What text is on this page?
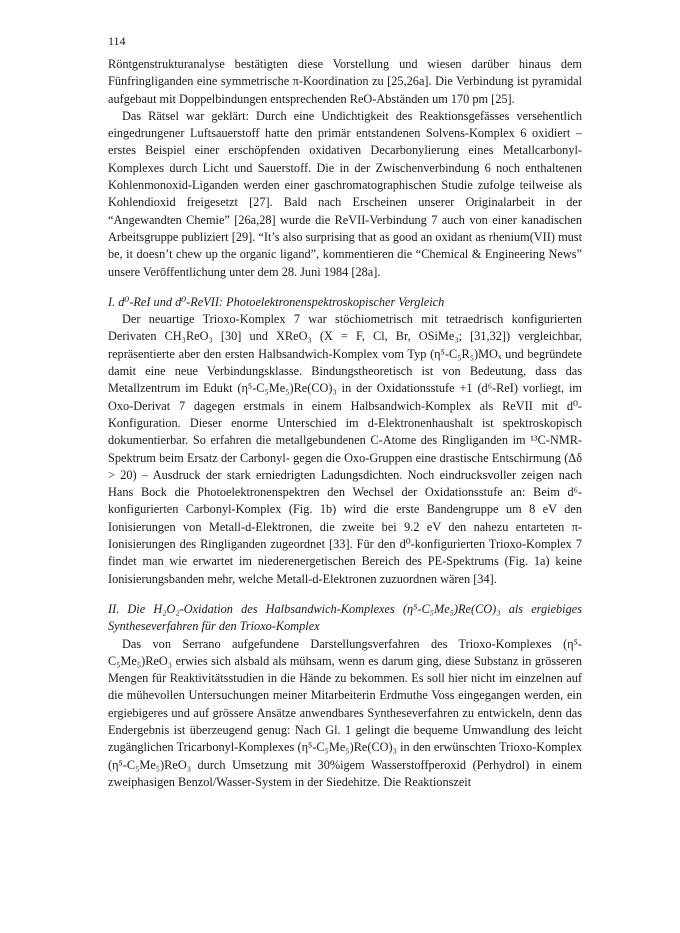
114

Röntgenstrukturanalyse bestätigten diese Vorstellung und wiesen darüber hinaus dem Fünfringliganden eine symmetrische π-Koordination zu [25,26a]. Die Verbindung ist pyramidal aufgebaut mit Doppelbindungen entsprechenden ReO-Abständen um 170 pm [25].

Das Rätsel war geklärt: Durch eine Undichtigkeit des Reaktionsgefässes versehentlich eingedrungener Luftsauerstoff hatte den primär entstandenen Solvens-Komplex 6 oxidiert – erstes Beispiel einer erschöpfenden oxidativen Decarbonylierung eines Metallcarbonyl-Komplexes durch Licht und Sauerstoff. Die in der Zwischenverbindung 6 noch enthaltenen Kohlenmonoxid-Liganden werden einer gaschromatographischen Studie zufolge teilweise als Kohlendioxid freigesetzt [27]. Bald nach Erscheinen unserer Originalarbeit in der “Angewandten Chemie” [26a,28] wurde die ReVII-Verbindung 7 auch von einer kanadischen Arbeitsgruppe publiziert [29]. “It’s also surprising that as good an oxidant as rhenium(VII) must be, it doesn’t chew up the organic ligand”, kommentieren die “Chemical & Engineering News” unsere Veröffentlichung unter dem 28. Juni 1984 [28a].

I. d⁰-ReI und d⁰-ReVII: Photoelektronenspektroskopischer Vergleich

Der neuartige Trioxo-Komplex 7 war stöchiometrisch mit tetraedrisch konfigurierten Derivaten CH₃ReO₃ [30] und XReO₃ (X = F, Cl, Br, OSiMe₃; [31,32]) vergleichbar, repräsentierte aber den ersten Halbsandwich-Komplex vom Typ (η⁵-C₅R₅)MOₓ und begründete damit eine neue Verbindungsklasse. Bindungstheoretisch ist von Bedeutung, dass das Metallzentrum im Edukt (η⁵-C₅Me₅)Re(CO)₃ in der Oxidationsstufe +1 (d⁶-ReI) vorliegt, im Oxo-Derivat 7 dagegen erstmals in einem Halbsandwich-Komplex als ReVII mit d⁰-Konfiguration. Dieser enorme Unterschied im d-Elektronenhaushalt ist spektroskopisch dokumentierbar. So erfahren die metallgebundenen C-Atome des Ringliganden im ¹³C-NMR-Spektrum beim Ersatz der Carbonyl- gegen die Oxo-Gruppen eine drastische Entschirmung (Δδ > 20) – Ausdruck der stark erniedrigten Ladungsdichten. Noch eindrucksvoller zeigen nach Hans Bock die Photoelektronenspektren den Wechsel der Oxidationsstufe an: Beim d⁶-konfigurierten Carbonyl-Komplex (Fig. 1b) wird die erste Bandengruppe um 8 eV den Ionisierungen von Metall-d-Elektronen, die zweite bei 9.2 eV den nahezu entarteten π-Ionisierungen des Ringliganden zugeordnet [33]. Für den d⁰-konfigurierten Trioxo-Komplex 7 findet man wie erwartet im niederenergetischen Bereich des PE-Spektrums (Fig. 1a) keine Ionisierungsbanden mehr, welche Metall-d-Elektronen zuzuordnen wären [34].

II. Die H₂O₂-Oxidation des Halbsandwich-Komplexes (η⁵-C₅Me₅)Re(CO)₃ als ergiebiges Syntheseverfahren für den Trioxo-Komplex

Das von Serrano aufgefundene Darstellungsverfahren des Trioxo-Komplexes (η⁵-C₅Me₅)ReO₃ erwies sich alsbald als mühsam, wenn es darum ging, diese Substanz in grösseren Mengen für Reaktivitätsstudien in die Hände zu bekommen. Es soll hier nicht im einzelnen auf die mühevollen Untersuchungen meiner Mitarbeiterin Erdmuthe Voss eingegangen werden, ein ergiebigeres und auf grössere Ansätze anwendbares Syntheseverfahren zu entwickeln, denn das Endergebnis ist überzeugend genug: Nach Gl. 1 gelingt die bequeme Umwandlung des leicht zugänglichen Tricarbonyl-Komplexes (η⁵-C₅Me₅)Re(CO)₃ in den erwünschten Trioxo-Komplex (η⁵-C₅Me₅)ReO₃ durch Umsetzung mit 30%igem Wasserstoffperoxid (Perhydrol) in einem zweiphasigen Benzol/Wasser-System in der Siedehitze. Die Reaktionszeit
